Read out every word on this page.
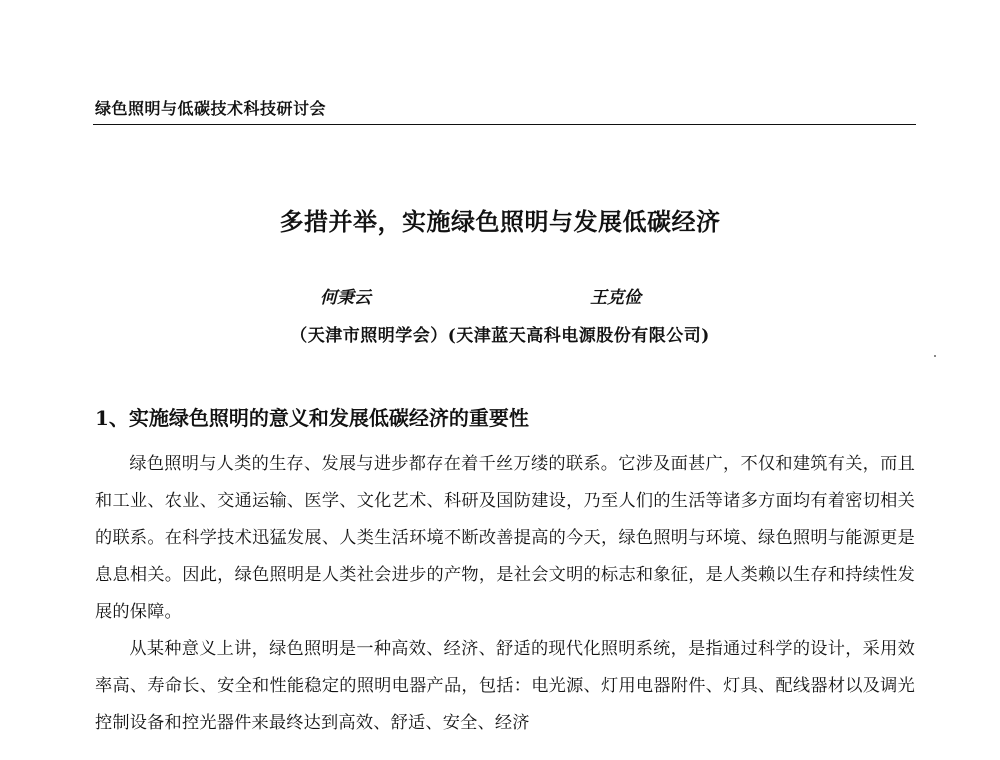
绿色照明与低碳技术科技研讨会
多措并举，实施绿色照明与发展低碳经济
何秉云	王克俭
（天津市照明学会）(天津蓝天高科电源股份有限公司)
1、实施绿色照明的意义和发展低碳经济的重要性

绿色照明与人类的生存、发展与进步都存在着千丝万缕的联系。它涉及面甚广，不仅和建筑有关，而且和工业、农业、交通运输、医学、文化艺术、科研及国防建设，乃至人们的生活等诸多方面均有着密切相关的联系。在科学技术迅猛发展、人类生活环境不断改善提高的今天，绿色照明与环境、绿色照明与能源更是息息相关。因此，绿色照明是人类社会进步的产物，是社会文明的标志和象征，是人类赖以生存和持续性发展的保障。

从某种意义上讲，绿色照明是一种高效、经济、舒适的现代化照明系统，是指通过科学的设计，采用效率高、寿命长、安全和性能稳定的照明电器产品，包括：电光源、灯用电器附件、灯具、配线器材以及调光控制设备和控光器件来最终达到高效、舒适、安全、经济
